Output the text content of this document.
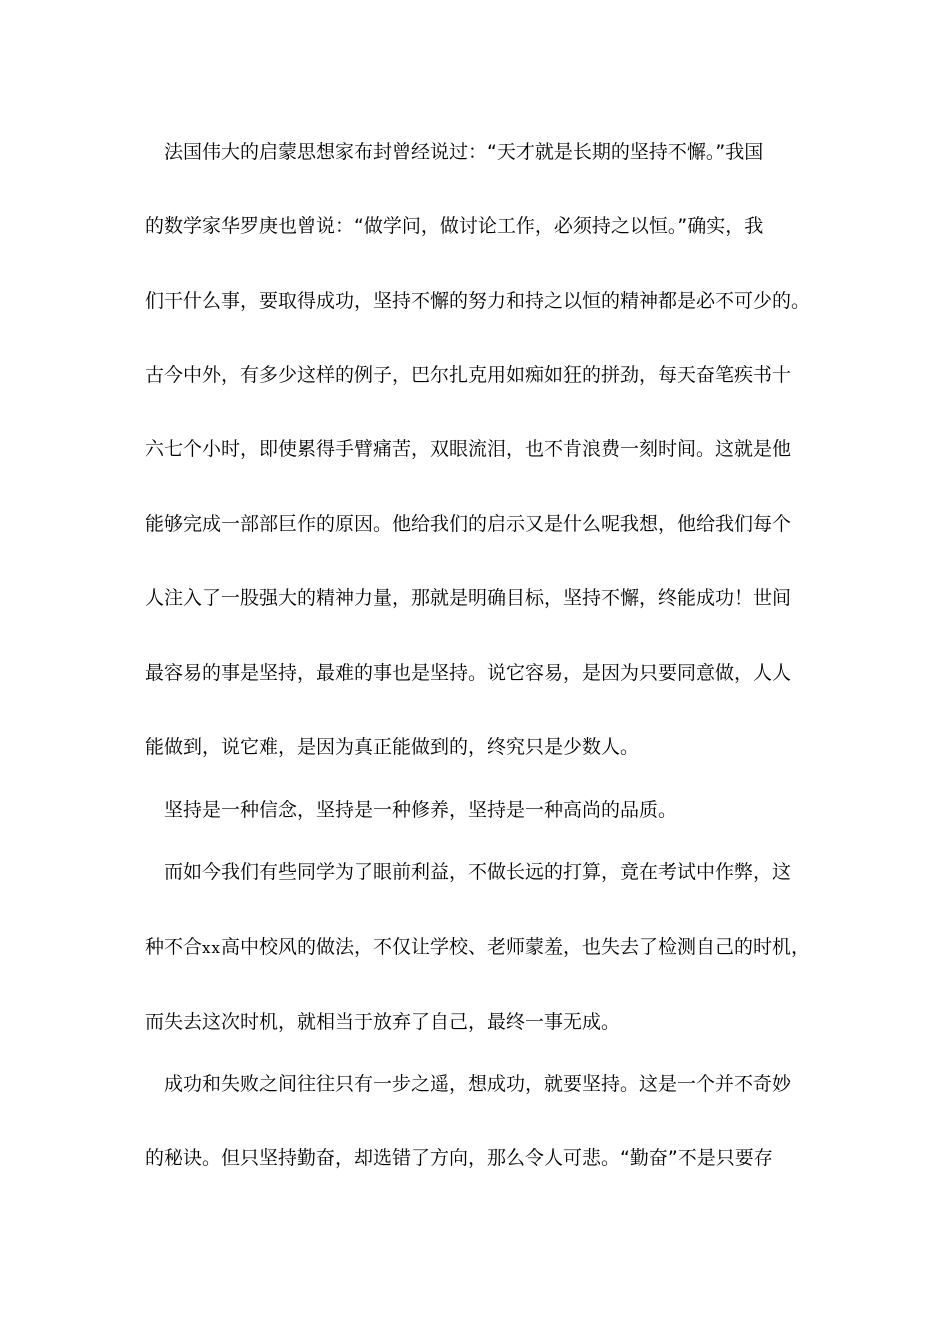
法国伟大的启蒙思想家布封曾经说过：“天才就是长期的坚持不懈。”我国
的数学家华罗庚也曾说：“做学问，做讨论工作，必须持之以恒。”确实，我
们干什么事，要取得成功，坚持不懈的努力和持之以恒的精神都是必不可少的。
古今中外，有多少这样的例子，巴尔扎克用如痴如狂的拼劲，每天奋笔疾书十
六七个小时，即使累得手臂痛苦，双眼流泪，也不肯浪费一刻时间。这就是他
能够完成一部部巨作的原因。他给我们的启示又是什么呢我想，他给我们每个
人注入了一股强大的精神力量，那就是明确目标，坚持不懈，终能成功！世间
最容易的事是坚持，最难的事也是坚持。说它容易，是因为只要同意做，人人
能做到，说它难，是因为真正能做到的，终究只是少数人。
坚持是一种信念，坚持是一种修养，坚持是一种高尚的品质。
而如今我们有些同学为了眼前利益，不做长远的打算，竟在考试中作弊，这
种不合xx高中校风的做法，不仅让学校、老师蒙羞，也失去了检测自己的时机，
而失去这次时机，就相当于放弃了自己，最终一事无成。
成功和失败之间往往只有一步之遥，想成功，就要坚持。这是一个并不奇妙
的秘诀。但只坚持勤奋，却选错了方向，那么令人可悲。“勤奋”不是只要存
